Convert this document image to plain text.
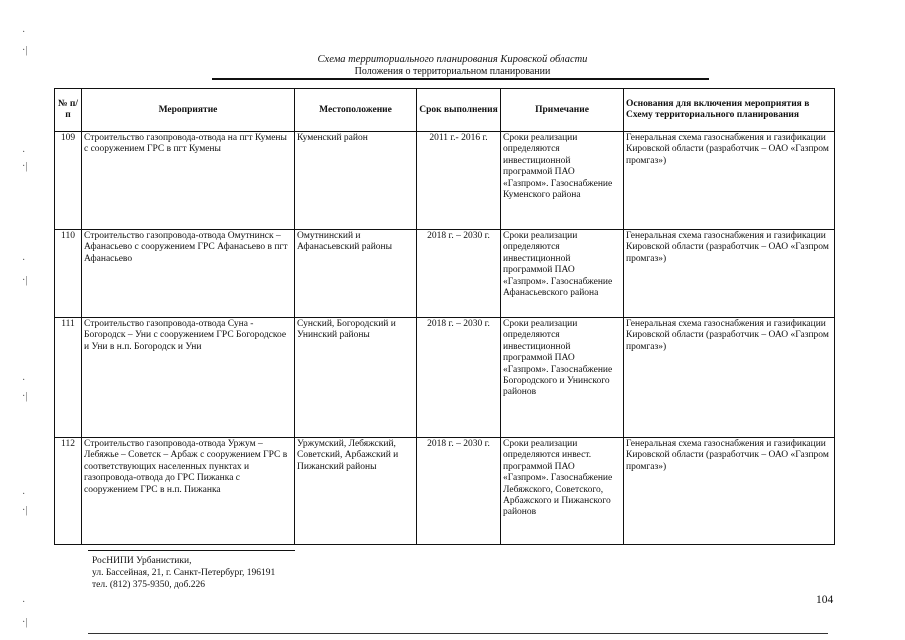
·
·|
·
·|
·
·|
·
·|
·
·|
·
·|
Схема территориального планирования Кировской области
Положения о территориальном планировании
№ п/п	Мероприятие	Местоположение	Срок выполнения	Примечание	Основания для включения мероприятия в Схему территориального планирования
109	Строительство газопровода-отвода на пгт Кумены с сооружением ГРС в пгт Кумены	Куменский район	2011 г.- 2016 г.	Сроки реализации определяются инвестиционной программой ПАО «Газпром». Газоснабжение Куменского района	Генеральная схема газоснабжения и газификации Кировской области (разработчик – ОАО «Газпром промгаз»)
110	Строительство газопровода-отвода Омутнинск – Афанасьево с сооружением ГРС Афанасьево в пгт Афанасьево	Омутнинский и Афанасьевский районы	2018 г. – 2030 г.	Сроки реализации определяются инвестиционной программой ПАО «Газпром». Газоснабжение Афанасьевского района	Генеральная схема газоснабжения и газификации Кировской области (разработчик – ОАО «Газпром промгаз»)
111	Строительство газопровода-отвода Суна - Богородск – Уни с сооружением ГРС Богородское и Уни в н.п. Богородск и Уни	Сунский, Богородский и Унинский районы	2018 г. – 2030 г.	Сроки реализации определяются инвестиционной программой ПАО «Газпром». Газоснабжение Богородского и Унинского районов	Генеральная схема газоснабжения и газификации Кировской области (разработчик – ОАО «Газпром промгаз»)
112	Строительство газопровода-отвода Уржум – Лебяжье – Советск – Арбаж с сооружением ГРС в соответствующих населенных пунктах и газопровода-отвода до ГРС Пижанка с сооружением ГРС в н.п. Пижанка	Уржумский, Лебяжский, Советский, Арбажский и Пижанский районы	2018 г. – 2030 г.	Сроки реализации определяются инвест. программой ПАО «Газпром». Газоснабжение Лебяжского, Советского, Арбажского и Пижанского районов	Генеральная схема газоснабжения и газификации Кировской области (разработчик – ОАО «Газпром промгаз»)
РосНИПИ Урбанистики,
ул. Бассейная, 21, г. Санкт-Петербург, 196191
тел. (812) 375-9350, доб.226
104
